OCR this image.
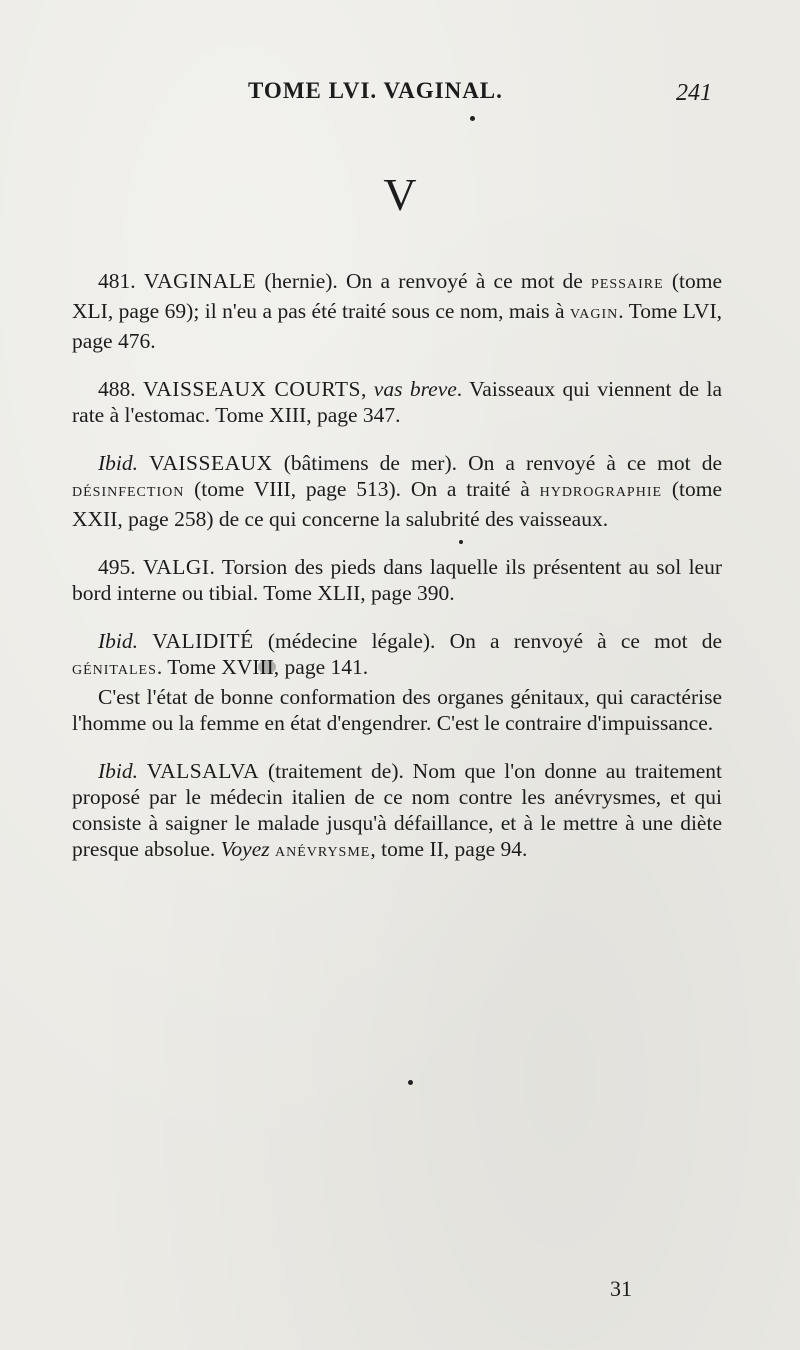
TOME LVI. VAGINAL.	241
V

481. VAGINALE (hernie). On a renvoyé à ce mot de PESSAIRE (tome XLI, page 69); il n'eu a pas été traité sous ce nom, mais à VAGIN. Tome LVI, page 476.

488. VAISSEAUX COURTS, vas breve. Vaisseaux qui viennent de la rate à l'estomac. Tome XIII, page 347.

Ibid. VAISSEAUX (bâtimens de mer). On a renvoyé à ce mot de DÉSINFECTION (tome VIII, page 513). On a traité à HYDROGRAPHIE (tome XXII, page 258) de ce qui concerne la salubrité des vaisseaux.

495. VALGI. Torsion des pieds dans laquelle ils présentent au sol leur bord interne ou tibial. Tome XLII, page 390.

Ibid. VALIDITÉ (médecine légale). On a renvoyé à ce mot de GÉNITALES. Tome XVIII, page 141.

C'est l'état de bonne conformation des organes génitaux, qui caractérise l'homme ou la femme en état d'engendrer. C'est le contraire d'impuissance.

Ibid. VALSALVA (traitement de). Nom que l'on donne au traitement proposé par le médecin italien de ce nom contre les anévrysmes, et qui consiste à saigner le malade jusqu'à défaillance, et à le mettre à une diète presque absolue. Voyez ANÉVRYSME, tome II, page 94.

31
